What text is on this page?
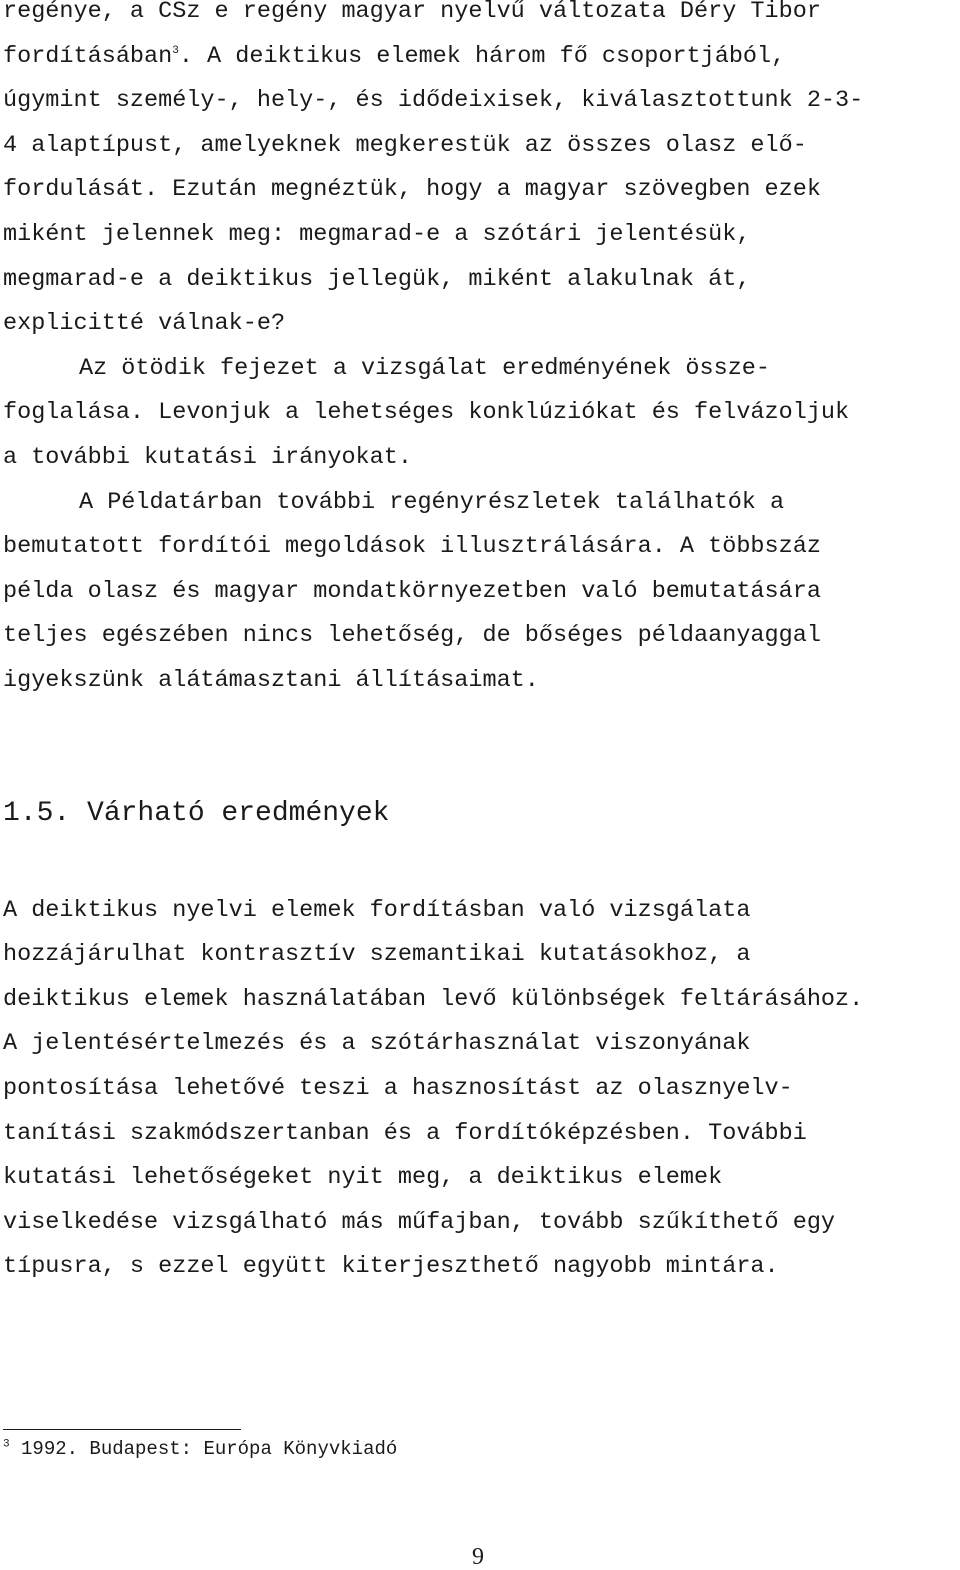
regénye, a CSz e regény magyar nyelvű változata Déry Tibor
fordításában$^3$. A deiktikus elemek három fő csoportjából,
úgymint személy-, hely-, és idődeixisek, kiválasztottunk 2-3-
4 alaptípust, amelyeknek megkerestük az összes olasz elő-
fordulását. Ezután megnéztük, hogy a magyar szövegben ezek
miként jelennek meg: megmarad-e a szótári jelentésük,
megmarad-e a deiktikus jellegük, miként alakulnak át,
explicitté válnak-e?
Az ötödik fejezet a vizsgálat eredményének össze-
foglalása. Levonjuk a lehetséges konklúziókat és felvázoljuk
a további kutatási irányokat.
A Példatárban további regényrészletek találhatók a
bemutatott fordítói megoldások illusztrálására. A többszáz
példa olasz és magyar mondatkörnyezetben való bemutatására
teljes egészében nincs lehetőség, de bőséges példaanyaggal
igyekszünk alátámasztani állításaimat.
1.5. Várható eredmények
A deiktikus nyelvi elemek fordításban való vizsgálata
hozzájárulhat kontrasztív szemantikai kutatásokhoz, a
deiktikus elemek használatában levő különbségek feltárásához.
A jelentésértelmezés és a szótárhasználat viszonyának
pontosítása lehetővé teszi a hasznosítást az olasznyelv-
tanítási szakmódszertanban és a fordítóképzésben. További
kutatási lehetőségeket nyit meg, a deiktikus elemek
viselkedése vizsgálható más műfajban, tovább szűkíthető egy
típusra, s ezzel együtt kiterjeszthető nagyobb mintára.
$^3$ 1992. Budapest: Európa Könyvkiadó
9
